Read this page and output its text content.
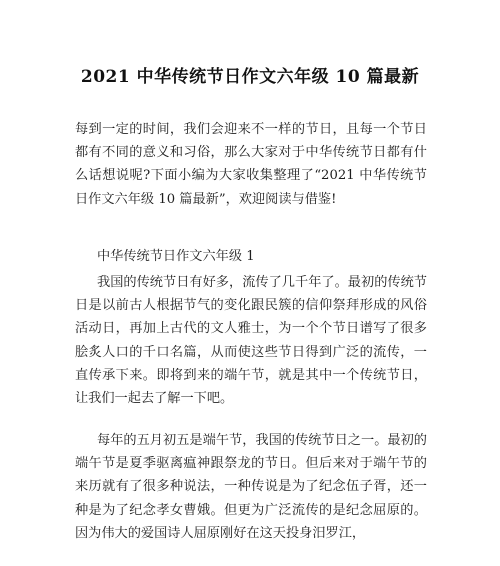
2021 中华传统节日作文六年级 10 篇最新

每到一定的时间，我们会迎来不一样的节日，且每一个节日都有不同的意义和习俗，那么大家对于中华传统节日都有什么话想说呢?下面小编为大家收集整理了“2021 中华传统节日作文六年级 10 篇最新”，欢迎阅读与借鉴!

中华传统节日作文六年级 1

我国的传统节日有好多，流传了几千年了。最初的传统节日是以前古人根据节气的变化跟民簇的信仰祭拜形成的风俗活动日，再加上古代的文人雅士，为一个个节日谱写了很多脍炙人口的千口名篇，从而使这些节日得到广泛的流传，一直传承下来。即将到来的端午节，就是其中一个传统节日，让我们一起去了解一下吧。

每年的五月初五是端午节，我国的传统节日之一。最初的端午节是夏季驱离瘟神跟祭龙的节日。但后来对于端午节的来历就有了很多种说法，一种传说是为了纪念伍子胥，还一种是为了纪念孝女曹娥。但更为广泛流传的是纪念屈原的。因为伟大的爱国诗人屈原刚好在这天投身汨罗江，
